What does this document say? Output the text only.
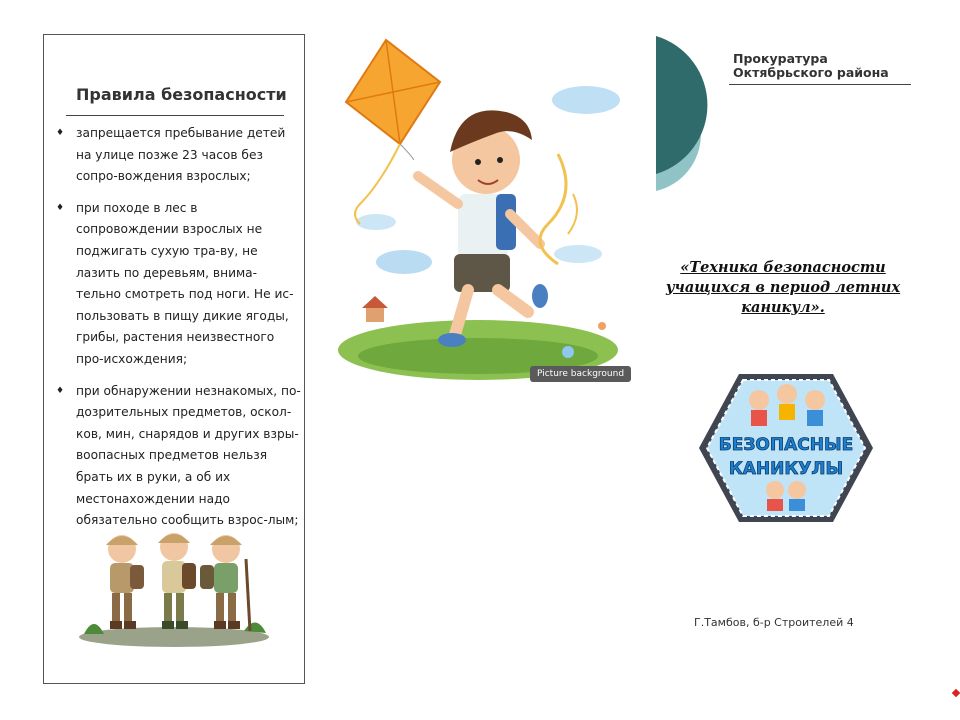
Правила безопасности
♦ запрещается пребывание детей на улице позже 23 часов без сопро-вождения взрослых;
♦ при походе в лес в сопровождении взрослых не поджигать сухую тра-ву, не лазить по деревьям, внима-тельно смотреть под ноги. Не ис-пользовать в пищу дикие ягоды, грибы, растения неизвестного про-исхождения;
♦ при обнаружении незнакомых, по-дозрительных предметов, оскол-ков, мин, снарядов и других взры-воопасных предметов нельзя брать их в руки, а об их местонахождении надо обязательно сообщить взрос-лым;
Picture background
Прокуратура
Октябрьского района
«Техника безопасности учащихся в период летних каникул».
БЕЗОПАСНЫЕ
КАНИКУЛЫ
Г.Тамбов, б-р Строителей 4
